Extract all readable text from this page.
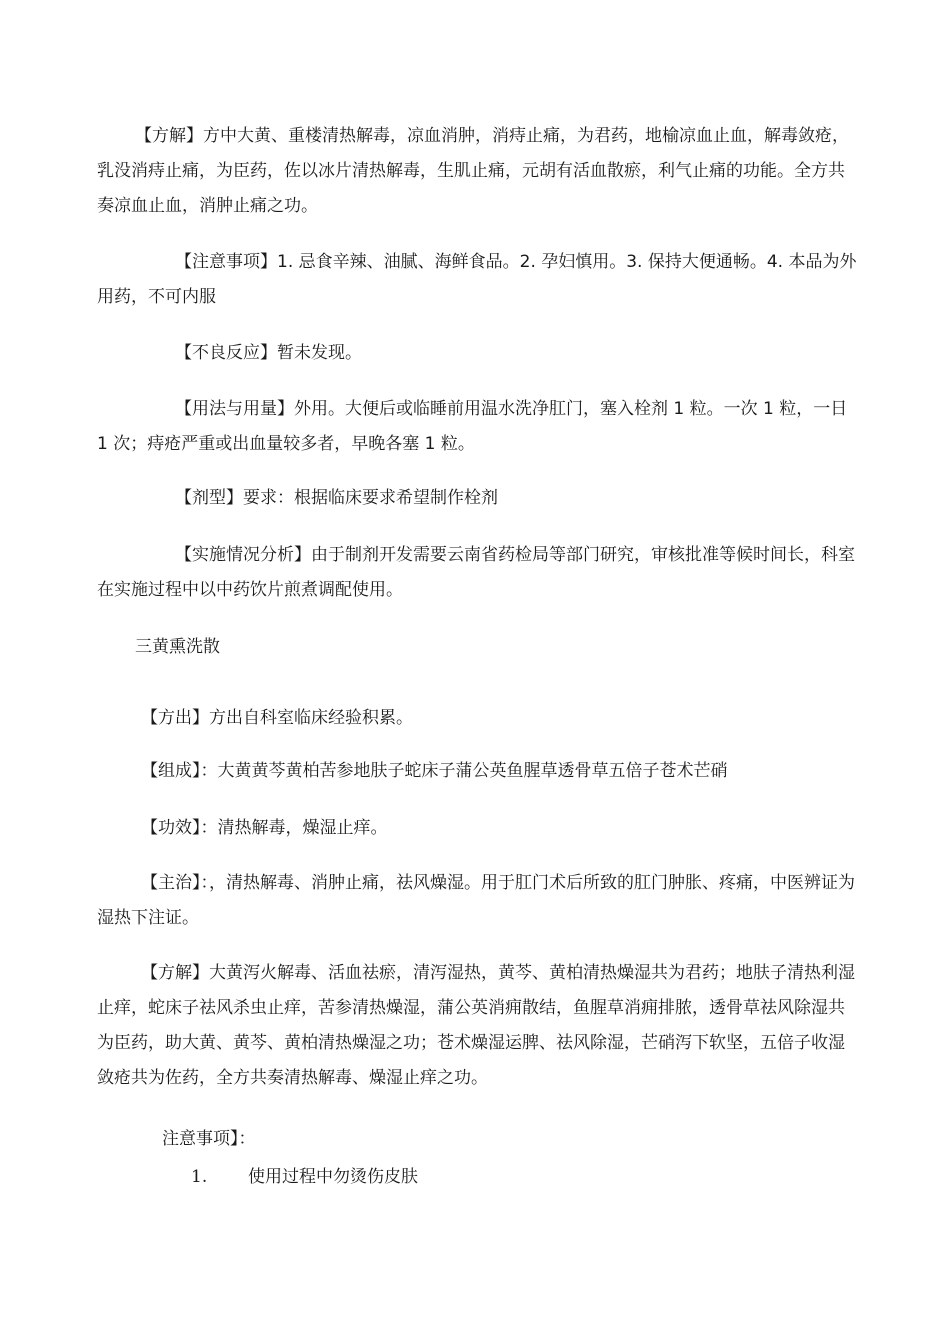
【方解】方中大黄、重楼清热解毒，凉血消肿，消痔止痛，为君药，地榆凉血止血，解毒敛疮，乳没消痔止痛，为臣药，佐以冰片清热解毒，生肌止痛，元胡有活血散瘀，利气止痛的功能。全方共奏凉血止血，消肿止痛之功。

【注意事项】1. 忌食辛辣、油腻、海鲜食品。2. 孕妇慎用。3. 保持大便通畅。4. 本品为外用药，不可内服

【不良反应】暂未发现。

【用法与用量】外用。大便后或临睡前用温水洗净肛门，塞入栓剂 1 粒。一次 1 粒，一日 1 次；痔疮严重或出血量较多者，早晚各塞 1 粒。

【剂型】要求：根据临床要求希望制作栓剂

【实施情况分析】由于制剂开发需要云南省药检局等部门研究，审核批准等候时间长，科室在实施过程中以中药饮片煎煮调配使用。

三黄熏洗散

【方出】方出自科室临床经验积累。

【组成】：大黄黄芩黄柏苦参地肤子蛇床子蒲公英鱼腥草透骨草五倍子苍术芒硝

【功效】：清热解毒，燥湿止痒。

【主治】：，清热解毒、消肿止痛，祛风燥湿。用于肛门术后所致的肛门肿胀、疼痛，中医辨证为湿热下注证。

【方解】大黄泻火解毒、活血祛瘀，清泻湿热，黄芩、黄柏清热燥湿共为君药；地肤子清热利湿止痒，蛇床子祛风杀虫止痒，苦参清热燥湿，蒲公英消痈散结，鱼腥草消痈排脓，透骨草祛风除湿共为臣药，助大黄、黄芩、黄柏清热燥湿之功；苍术燥湿运脾、祛风除湿，芒硝泻下软坚，五倍子收湿敛疮共为佐药，全方共奏清热解毒、燥湿止痒之功。

注意事项】：

1. 使用过程中勿烫伤皮肤
